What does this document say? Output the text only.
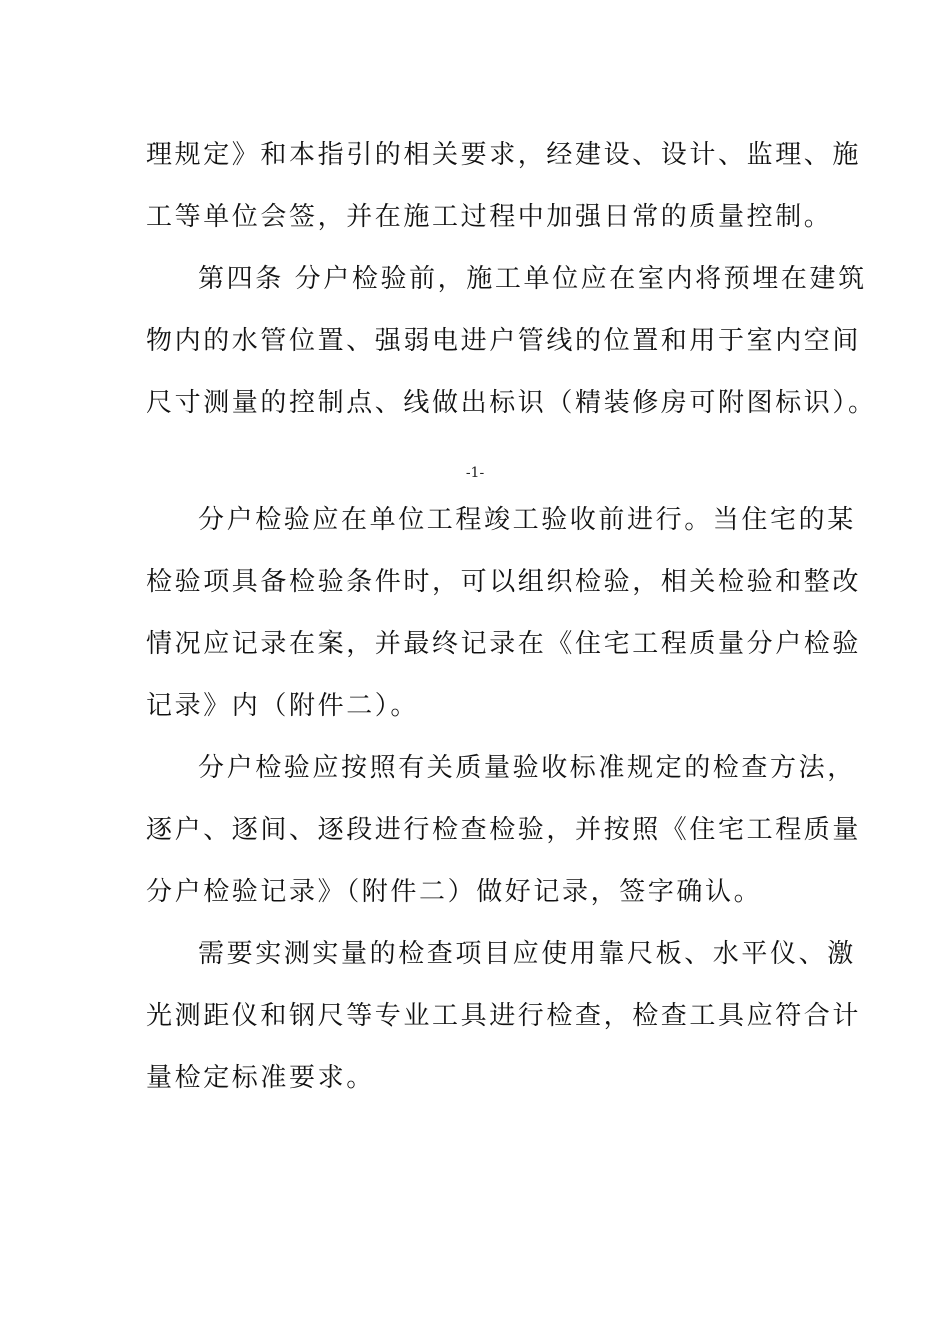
理规定》和本指引的相关要求，经建设、设计、监理、施
工等单位会签，并在施工过程中加强日常的质量控制。
第四条 分户检验前，施工单位应在室内将预埋在建筑
物内的水管位置、强弱电进户管线的位置和用于室内空间
尺寸测量的控制点、线做出标识（精装修房可附图标识）。
-1-
分户检验应在单位工程竣工验收前进行。当住宅的某
检验项具备检验条件时，可以组织检验，相关检验和整改
情况应记录在案，并最终记录在《住宅工程质量分户检验
记录》内（附件二）。
分户检验应按照有关质量验收标准规定的检查方法，
逐户、逐间、逐段进行检查检验，并按照《住宅工程质量
分户检验记录》（附件二）做好记录，签字确认。
需要实测实量的检查项目应使用靠尺板、水平仪、激
光测距仪和钢尺等专业工具进行检查，检查工具应符合计
量检定标准要求。
